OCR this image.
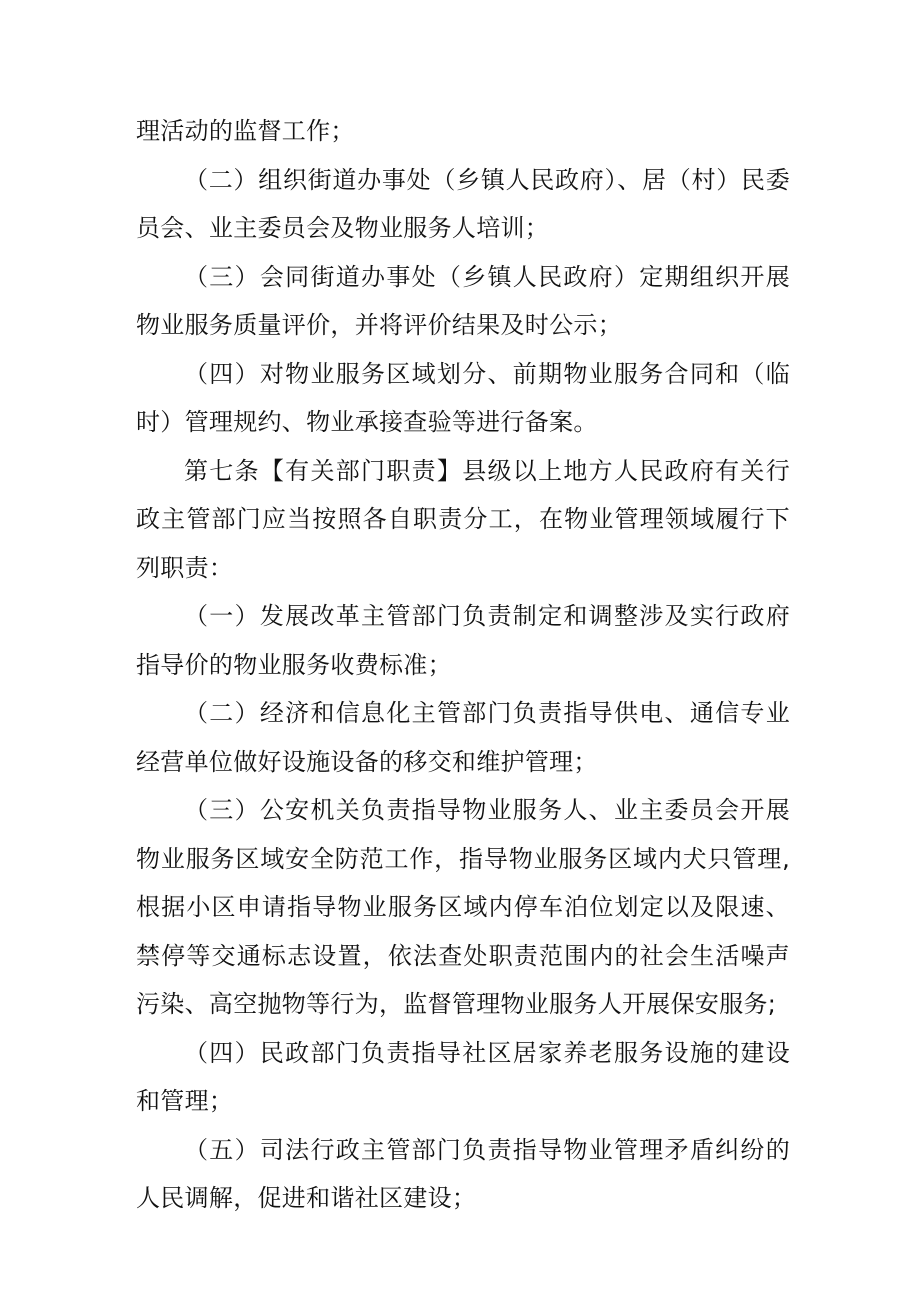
理活动的监督工作；

（二）组织街道办事处（乡镇人民政府）、居（村）民委员会、业主委员会及物业服务人培训；

（三）会同街道办事处（乡镇人民政府）定期组织开展物业服务质量评价，并将评价结果及时公示；

（四）对物业服务区域划分、前期物业服务合同和（临时）管理规约、物业承接查验等进行备案。

第七条【有关部门职责】县级以上地方人民政府有关行政主管部门应当按照各自职责分工，在物业管理领域履行下列职责：

（一）发展改革主管部门负责制定和调整涉及实行政府指导价的物业服务收费标准；

（二）经济和信息化主管部门负责指导供电、通信专业经营单位做好设施设备的移交和维护管理；

（三）公安机关负责指导物业服务人、业主委员会开展物业服务区域安全防范工作，指导物业服务区域内犬只管理,根据小区申请指导物业服务区域内停车泊位划定以及限速、禁停等交通标志设置，依法查处职责范围内的社会生活噪声污染、高空抛物等行为，监督管理物业服务人开展保安服务;

（四）民政部门负责指导社区居家养老服务设施的建设和管理；

（五）司法行政主管部门负责指导物业管理矛盾纠纷的人民调解，促进和谐社区建设；
